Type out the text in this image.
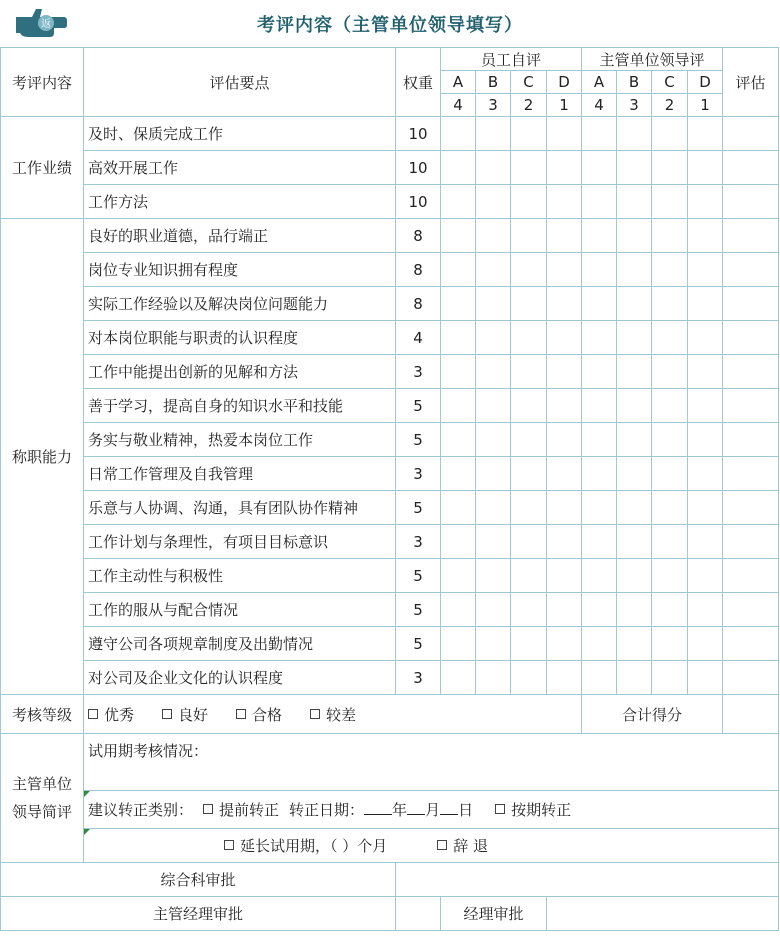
返	考评内容（主管单位领导填写）
考评内容	评估要点	权重	员工自评				主管单位领导评				评估
			A	B	C	D	A	B	C	D	
			4	3	2	1	4	3	2	1	
工作业绩	及时、保质完成工作	10									
	高效开展工作	10									
	工作方法	10									
称职能力	良好的职业道德，品行端正	8									
	岗位专业知识拥有程度	8									
	实际工作经验以及解决岗位问题能力	8									
	对本岗位职能与职责的认识程度	4									
	工作中能提出创新的见解和方法	3									
	善于学习，提高自身的知识水平和技能	5									
	务实与敬业精神，热爱本岗位工作	5									
	日常工作管理及自我管理	3									
	乐意与人协调、沟通，具有团队协作精神	5									
	工作计划与条理性，有项目目标意识	3									
	工作主动性与积极性	5									
	工作的服从与配合情况	5									
	遵守公司各项规章制度及出勤情况	5									
	对公司及企业文化的认识程度	3									
考核等级	优秀 良好 合格 较差						合计得分				

主管单位
领导简评	试用期考核情况：										

建议转正类别： 提前转正 转正日期： 年 月 日 按期转正										

延长试用期，（ ）个月 辞 退										
综合科审批											
主管经理审批			经理审批								
